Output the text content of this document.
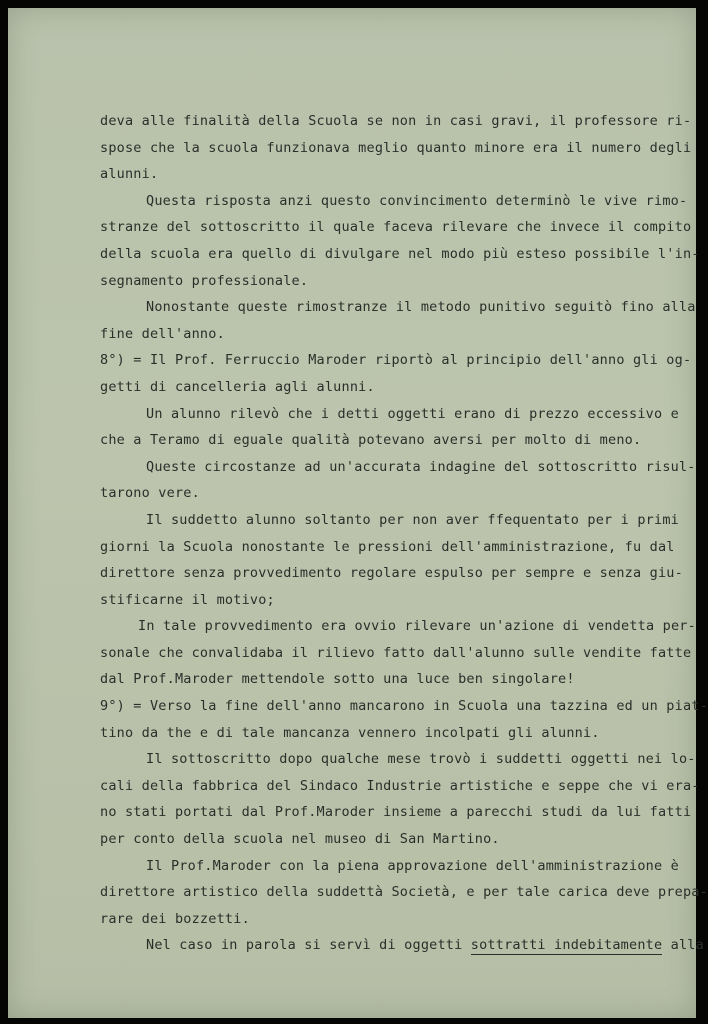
deva alle finalità della Scuola se non in casi gravi, il professore ri-
spose che la scuola funzionava meglio quanto minore era il numero degli
alunni.
Questa risposta anzi questo convincimento determinò le vive rimo-
stranze del sottoscritto il quale faceva rilevare che invece il compito
della scuola era quello di divulgare nel modo più esteso possibile l'in-
segnamento professionale.
Nonostante queste rimostranze il metodo punitivo seguitò fino alla
fine dell'anno.
8°) = Il Prof. Ferruccio Maroder riportò al principio dell'anno gli og-
getti di cancelleria agli alunni.
Un alunno rilevò che i detti oggetti erano di prezzo eccessivo e
che a Teramo di eguale qualità potevano aversi per molto di meno.
Queste circostanze ad un'accurata indagine del sottoscritto risul-
tarono vere.
Il suddetto alunno soltanto per non aver ffequentato per i primi
giorni la Scuola nonostante le pressioni dell'amministrazione, fu dal
direttore senza provvedimento regolare espulso per sempre e senza giu-
stificarne il motivo;
In tale provvedimento era ovvio rilevare un'azione di vendetta per-
sonale che convalidaba il rilievo fatto dall'alunno sulle vendite fatte
dal Prof.Maroder mettendole sotto una luce ben singolare!
9°) = Verso la fine dell'anno mancarono in Scuola una tazzina ed un piat-
tino da the e di tale mancanza vennero incolpati gli alunni.
Il sottoscritto dopo qualche mese trovò i suddetti oggetti nei lo-
cali della fabbrica del Sindaco Industrie artistiche e seppe che vi era-
no stati portati dal Prof.Maroder insieme a parecchi studi da lui fatti
per conto della scuola nel museo di San Martino.
Il Prof.Maroder con la piena approvazione dell'amministrazione è
direttore artistico della suddettà Società, e per tale carica deve prepa-
rare dei bozzetti.
Nel caso in parola si servì di oggetti sottratti indebitamente alla
